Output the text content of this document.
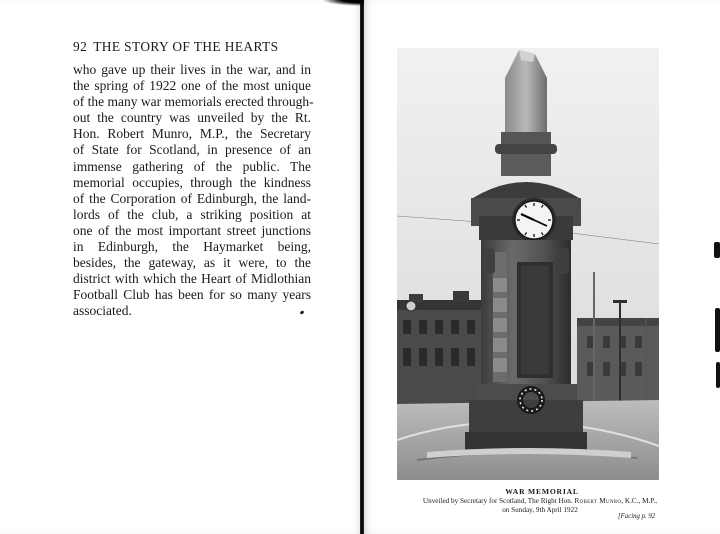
92 THE STORY OF THE HEARTS
who gave up their lives in the war, and in
the spring of 1922 one of the most unique
of the many war memorials erected through-
out the country was unveiled by the Rt.
Hon. Robert Munro, M.P., the Secretary
of State for Scotland, in presence of an
immense gathering of the public. The
memorial occupies, through the kindness
of the Corporation of Edinburgh, the land-
lords of the club, a striking position at
one of the most important street junctions
in Edinburgh, the Haymarket being,
besides, the gateway, as it were, to the
district with which the Heart of Midlothian
Football Club has been for so many years
associated.
WAR MEMORIAL
Unveiled by Secretary for Scotland, The Right Hon. Robert Munro, K.C., M.P.,
on Sunday, 9th April 1922
[Facing p. 92
